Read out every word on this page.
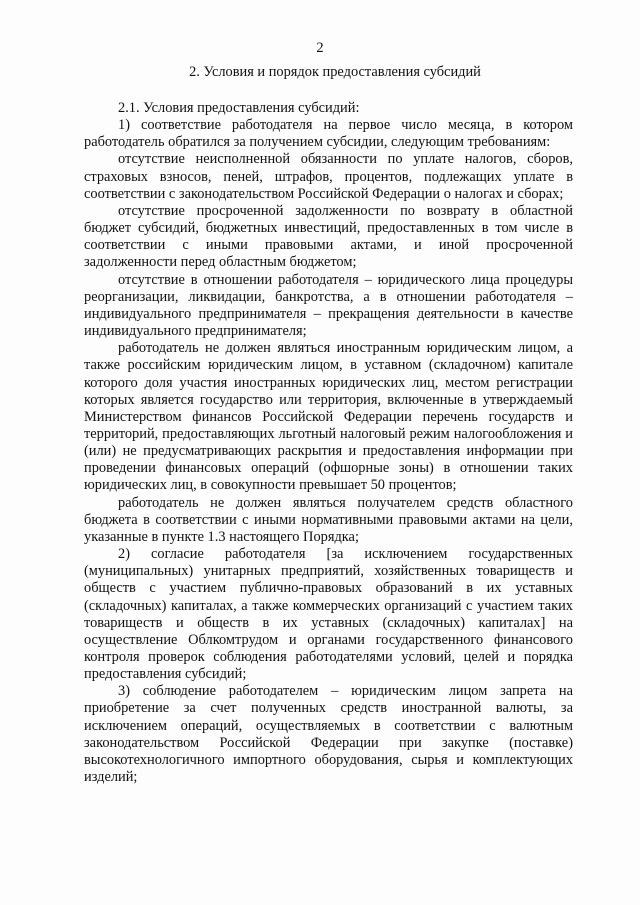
2
2. Условия и порядок предоставления субсидий

2.1. Условия предоставления субсидий:

1) соответствие работодателя на первое число месяца, в котором работодатель обратился за получением субсидии, следующим требованиям:

отсутствие неисполненной обязанности по уплате налогов, сборов, страховых взносов, пеней, штрафов, процентов, подлежащих уплате в соответствии с законодательством Российской Федерации о налогах и сборах;

отсутствие просроченной задолженности по возврату в областной бюджет субсидий, бюджетных инвестиций, предоставленных в том числе в соответствии с иными правовыми актами, и иной просроченной задолженности перед областным бюджетом;

отсутствие в отношении работодателя – юридического лица процедуры реорганизации, ликвидации, банкротства, а в отношении работодателя – индивидуального предпринимателя – прекращения деятельности в качестве индивидуального предпринимателя;

работодатель не должен являться иностранным юридическим лицом, а также российским юридическим лицом, в уставном (складочном) капитале которого доля участия иностранных юридических лиц, местом регистрации которых является государство или территория, включенные в утверждаемый Министерством финансов Российской Федерации перечень государств и территорий, предоставляющих льготный налоговый режим налогообложения и (или) не предусматривающих раскрытия и предоставления информации при проведении финансовых операций (офшорные зоны) в отношении таких юридических лиц, в совокупности превышает 50 процентов;

работодатель не должен являться получателем средств областного бюджета в соответствии с иными нормативными правовыми актами на цели, указанные в пункте 1.3 настоящего Порядка;

2) согласие работодателя [за исключением государственных (муниципальных) унитарных предприятий, хозяйственных товариществ и обществ с участием публично-правовых образований в их уставных (складочных) капиталах, а также коммерческих организаций с участием таких товариществ и обществ в их уставных (складочных) капиталах] на осуществление Облкомтрудом и органами государственного финансового контроля проверок соблюдения работодателями условий, целей и порядка предоставления субсидий;

3) соблюдение работодателем – юридическим лицом запрета на приобретение за счет полученных средств иностранной валюты, за исключением операций, осуществляемых в соответствии с валютным законодательством Российской Федерации при закупке (поставке) высокотехнологичного импортного оборудования, сырья и комплектующих изделий;
